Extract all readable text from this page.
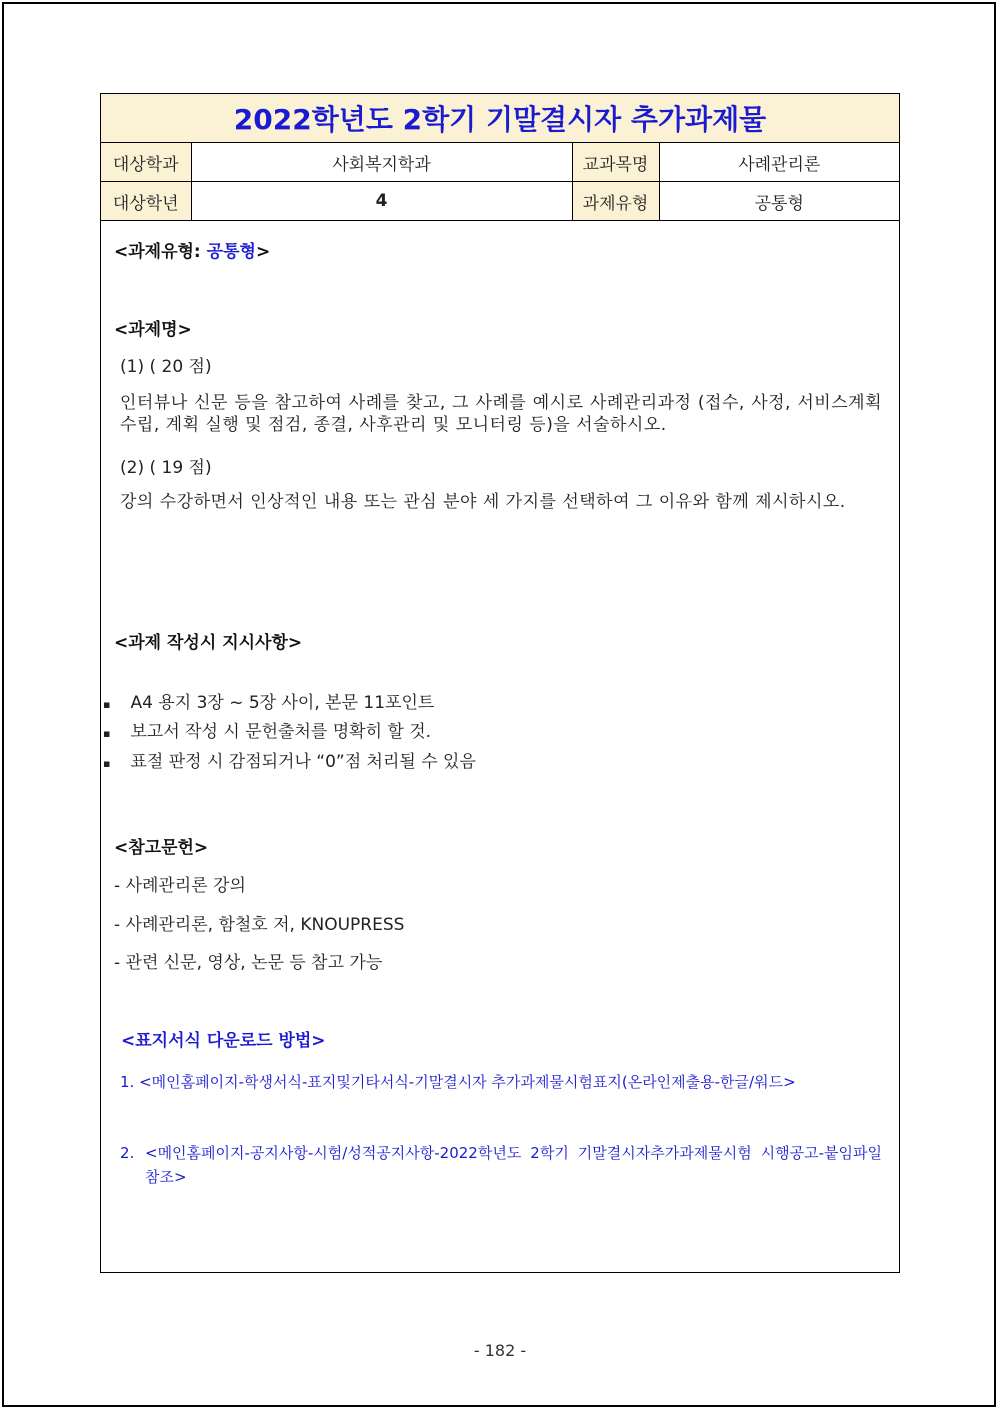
2022학년도 2학기 기말결시자 추가과제물
대상학과	사회복지학과	교과목명	사례관리론
대상학년	4	과제유형	공통형
<과제유형: 공통형>
<과제명>
(1) ( 20 점)
인터뷰나 신문 등을 참고하여 사례를 찾고, 그 사례를 예시로 사례관리과정 (접수, 사정, 서비스계획 수립, 계획 실행 및 점검, 종결, 사후관리 및 모니터링 등)을 서술하시오.
(2) ( 19 점)
강의 수강하면서 인상적인 내용 또는 관심 분야 세 가지를 선택하여 그 이유와 함께 제시하시오.
<과제 작성시 지시사항>
▪ A4 용지 3장 ~ 5장 사이, 본문 11포인트
▪ 보고서 작성 시 문헌출처를 명확히 할 것.
▪ 표절 판정 시 감점되거나 “0”점 처리될 수 있음
<참고문헌>
- 사례관리론 강의
- 사례관리론, 함철호 저, KNOUPRESS
- 관련 신문, 영상, 논문 등 참고 가능
<표지서식 다운로드 방법>
1. <메인홈페이지-학생서식-표지및기타서식-기말결시자 추가과제물시험표지(온라인제출용-한글/워드>
2. <메인홈페이지-공지사항-시험/성적공지사항-2022학년도 2학기 기말결시자추가과제물시험 시행공고-붙임파일 참조>
- 182 -
